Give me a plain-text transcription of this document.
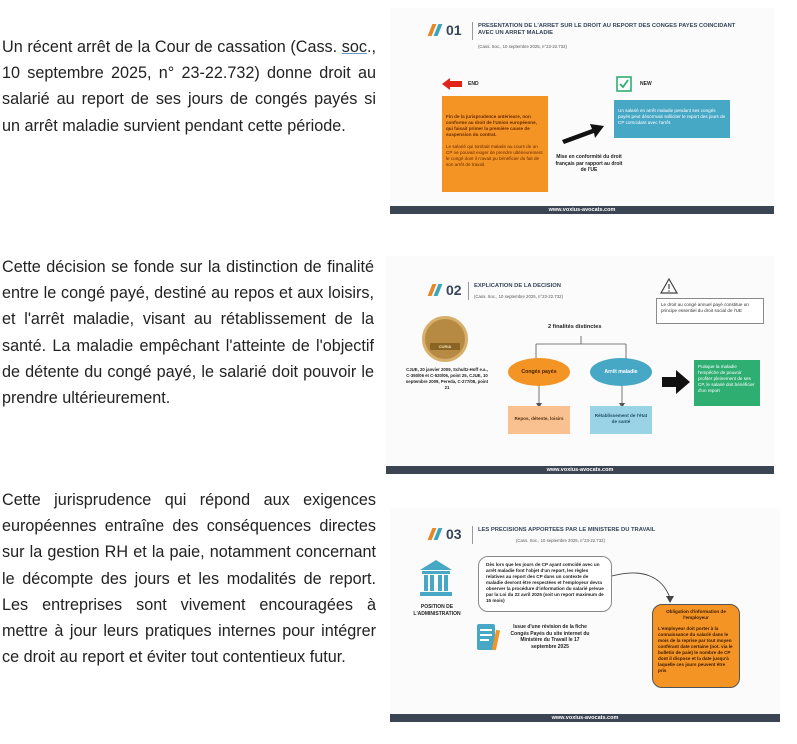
Un récent arrêt de la Cour de cassation (Cass. soc., 10 septembre 2025, n° 23-22.732) donne droit au salarié au report de ses jours de congés payés si un arrêt maladie survient pendant cette période.

Cette décision se fonde sur la distinction de finalité entre le congé payé, destiné au repos et aux loisirs, et l'arrêt maladie, visant au rétablissement de la santé. La maladie empêchant l'atteinte de l'objectif de détente du congé payé, le salarié doit pouvoir le prendre ultérieurement.

Cette jurisprudence qui répond aux exigences européennes entraîne des conséquences directes sur la gestion RH et la paie, notamment concernant le décompte des jours et les modalités de report. Les entreprises sont vivement encouragées à mettre à jour leurs pratiques internes pour intégrer ce droit au report et éviter tout contentieux futur.

01	PRESENTATION DE L'ARRET SUR LE DROIT AU REPORT DES CONGES PAYES COINCIDANT AVEC UN ARRET MALADIE
(Cass. Soc., 10 septembre 2025, n°23-22.732)
END	NEW
Fin de la jurisprudence antérieure, non conforme au droit de l'Union européenne, qui faisait primer la première cause de suspension du contrat.
Le salarié qui tombait malade au cours de un CP ne pouvait exiger de prendre ultérieurement le congé dont il n'avait pu bénéficier du fait de son arrêt de travail.
Un salarié en arrêt maladie pendant ses congés payés peut désormais solliciter le report des jours de CP coïncidant avec l'arrêt.
Mise en conformité du droit français par rapport au droit de l'UE
www.voxius-avocats.com
02 EXPLICATION DE LA DECISION
(Cass. Soc., 10 septembre 2025, n°23-22.732)
Le droit au congé annuel payé constitue un principe essentiel du droit social de l'UE
CURIA
CJUE, 20 janvier 2009, Schultz-Hoff e.a., C-350/06 et C-520/06, point 25, CJUE, 10 septembre 2009, Pereda, C-277/08, point 21
2 finalités distinctes
Congés payés	Arrêt maladie
Repos, détente, loisirs
Rétablissement de l'état de santé
Puisque la maladie l'empêche de pouvoir profiter pleinement de ses CP, le salarié doit bénéficier d'un report
www.voxius-avocats.com
03	LES PRECISIONS APPORTEES PAR LE MINISTERE DU TRAVAIL
(Cass. Soc., 10 septembre 2025, n°23-22.732)
POSITION DE L'ADMINISTRATION
Dès lors que les jours de CP ayant coïncidé avec un arrêt maladie font l'objet d'un report, les règles relatives au report des CP dans un contexte de maladie devront être respectées et l'employeur devra observer la procédure d'information du salarié prévue par la Loi du 22 avril 2025 (soit un report maximum de 15 mois)
Issue d'une révision de la fiche Congés Payés du site internet du Ministère du Travail le 17 septembre 2025
Obligation d'information de l'employeur
L'employeur doit porter à la connaissance du salarié dans le mois de la reprise par tout moyen conférant date certaine (not. via le bulletin de paie) le nombre de CP dont il dispose et la date jusqu'à laquelle ces jours peuvent être pris
www.voxius-avocats.com
